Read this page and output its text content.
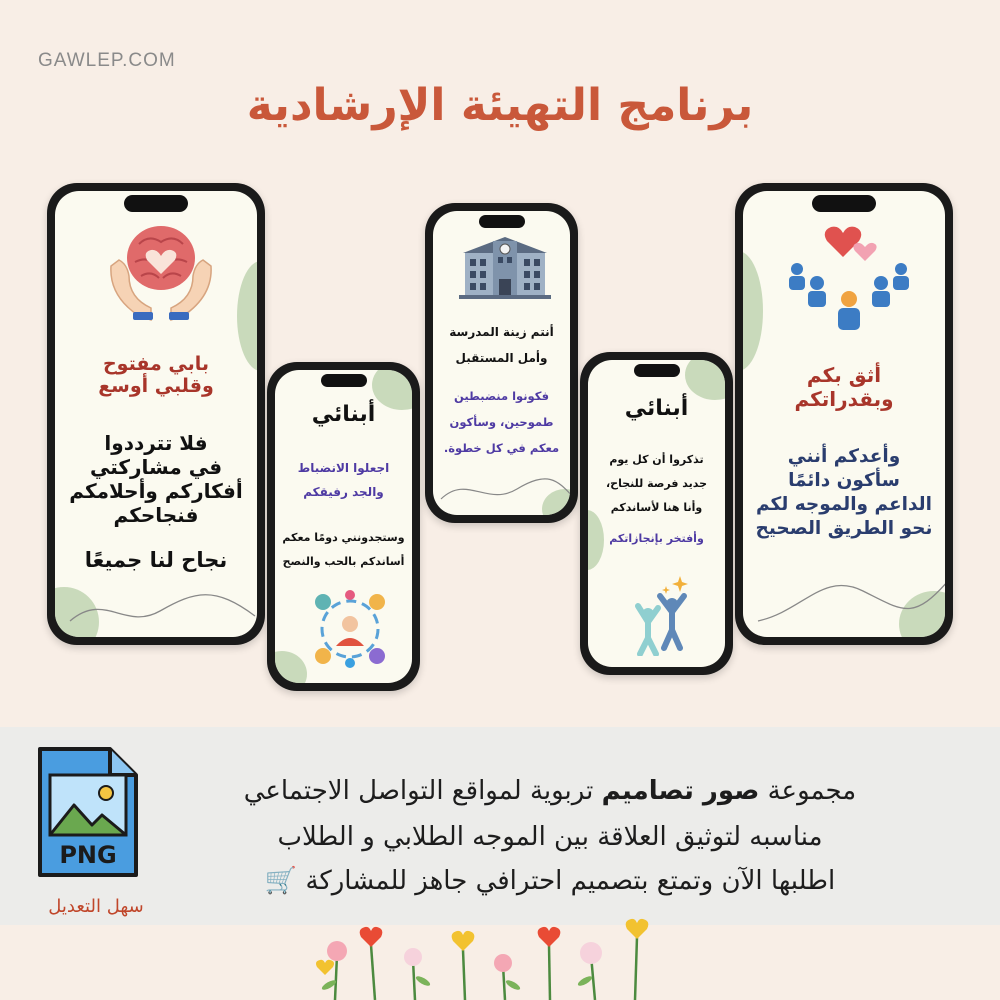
GAWLEP.COM
برنامج التهيئة الإرشادية
بابي مفتوح
وقلبي أوسع
فلا تترددوا
في مشاركتي
أفكاركم وأحلامكم
فنجاحكم
نجاح لنا جميعًا
أبنائي
اجعلوا الانضباط
والجد رفيقكم
وستجدونني دومًا معكم
أساندكم بالحب والنصح
أنتم زينة المدرسة
وأمل المستقبل
فكونوا منضبطين
طموحين، وسأكون
معكم في كل خطوة.
أبنائي
تذكروا أن كل يوم
جديد فرصة للنجاح،
وأنا هنا لأساندكم
وأفتخر بإنجازاتكم
أثق بكم
وبقدراتكم
وأعدكم أنني
سأكون دائمًا
الداعم والموجه لكم
نحو الطريق الصحيح
PNG
سهل التعديل
مجموعة صور تصاميم تربوية لمواقع التواصل الاجتماعي
مناسبه لتوثيق العلاقة بين الموجه الطلابي و الطلاب
اطلبها الآن وتمتع بتصميم احترافي جاهز للمشاركة 🛒
